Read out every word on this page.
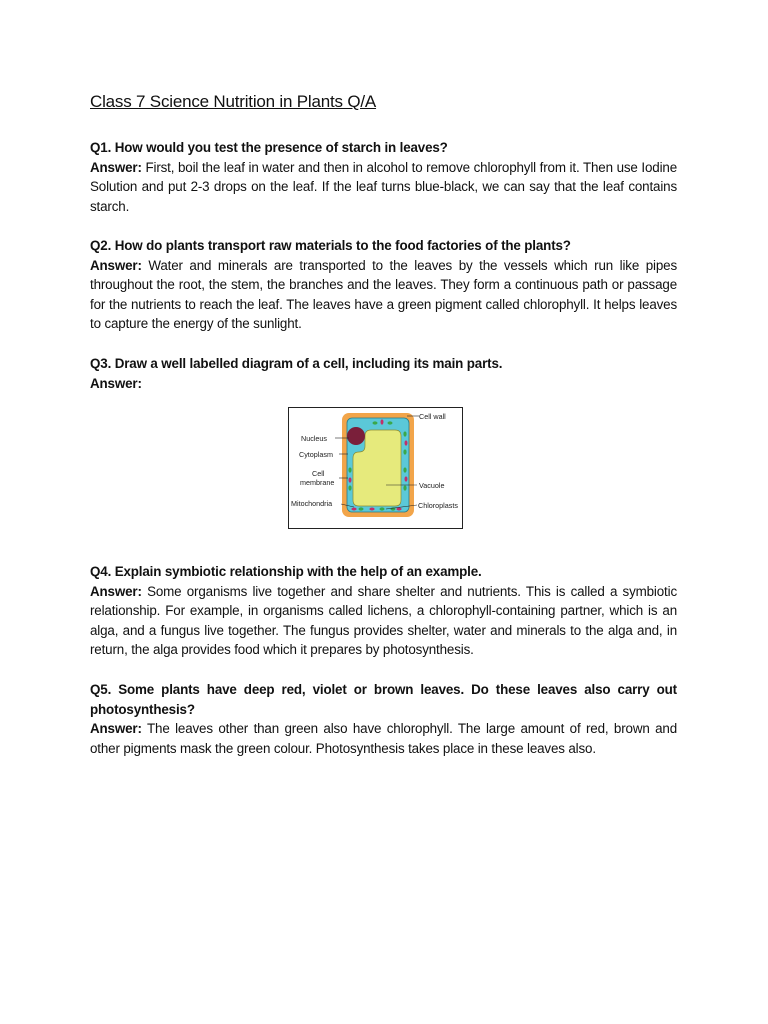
Class 7 Science Nutrition in Plants Q/A

Q1. How would you test the presence of starch in leaves?

Answer: First, boil the leaf in water and then in alcohol to remove chlorophyll from it. Then use Iodine Solution and put 2-3 drops on the leaf. If the leaf turns blue-black, we can say that the leaf contains starch.

Q2. How do plants transport raw materials to the food factories of the plants?

Answer: Water and minerals are transported to the leaves by the vessels which run like pipes throughout the root, the stem, the branches and the leaves. They form a continuous path or passage for the nutrients to reach the leaf. The leaves have a green pigment called chlorophyll. It helps leaves to capture the energy of the sunlight.

Q3. Draw a well labelled diagram of a cell, including its main parts.

Answer:

Cell wall
Nucleus
Cytoplasm
Cell
membrane	Vacuole
Mitochondria	Chloroplasts

Q4. Explain symbiotic relationship with the help of an example.

Answer: Some organisms live together and share shelter and nutrients. This is called a symbiotic relationship. For example, in organisms called lichens, a chlorophyll-containing partner, which is an alga, and a fungus live together. The fungus provides shelter, water and minerals to the alga and, in return, the alga provides food which it prepares by photosynthesis.

Q5. Some plants have deep red, violet or brown leaves. Do these leaves also carry out photosynthesis?

Answer: The leaves other than green also have chlorophyll. The large amount of red, brown and other pigments mask the green colour. Photosynthesis takes place in these leaves also.
